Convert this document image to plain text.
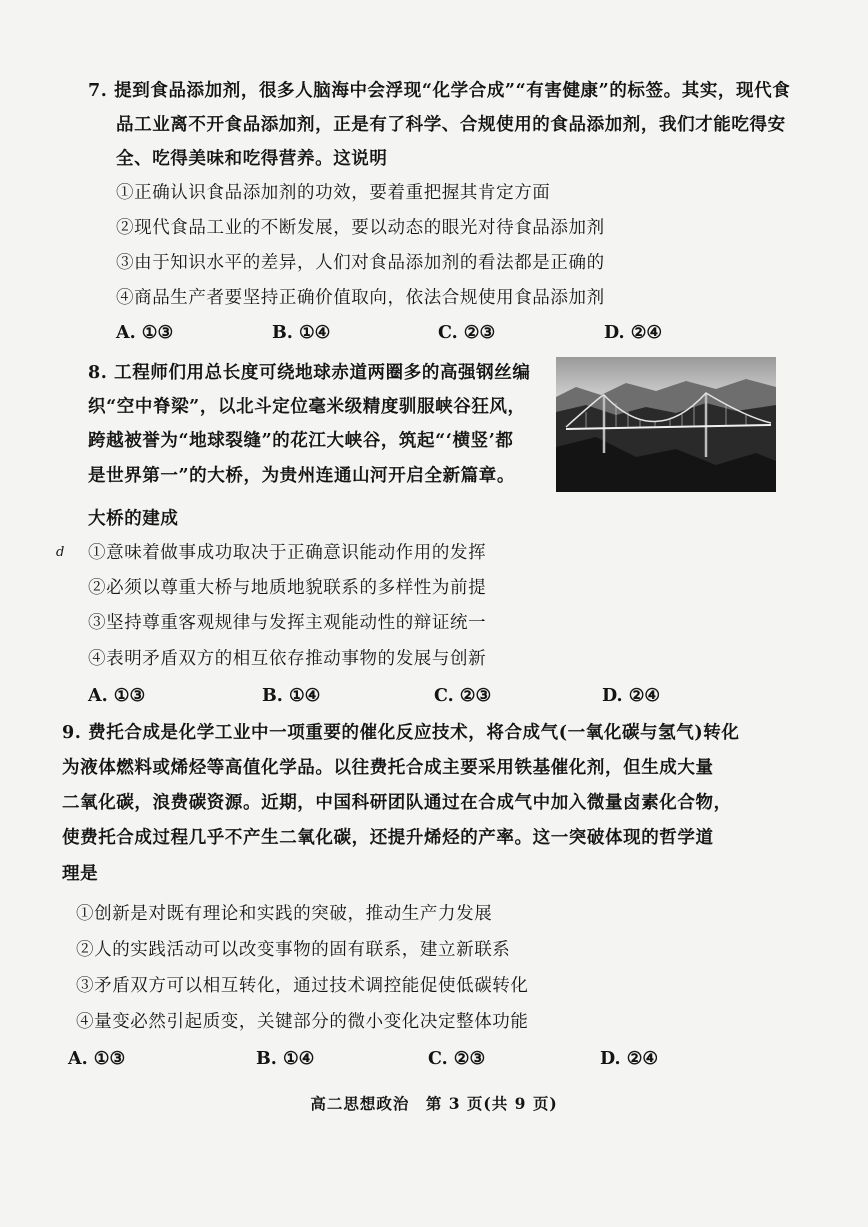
7. 提到食品添加剂，很多人脑海中会浮现“化学合成”“有害健康”的标签。其实，现代食
品工业离不开食品添加剂，正是有了科学、合规使用的食品添加剂，我们才能吃得安
全、吃得美味和吃得营养。这说明
①正确认识食品添加剂的功效，要着重把握其肯定方面
②现代食品工业的不断发展，要以动态的眼光对待食品添加剂
③由于知识水平的差异，人们对食品添加剂的看法都是正确的
④商品生产者要坚持正确价值取向，依法合规使用食品添加剂
A. ①③	B. ①④	C. ②③	D. ②④
8. 工程师们用总长度可绕地球赤道两圈多的高强钢丝编
织“空中脊梁”，以北斗定位毫米级精度驯服峡谷狂风，
跨越被誉为“地球裂缝”的花江大峡谷，筑起“‘横竖’都
是世界第一”的大桥，为贵州连通山河开启全新篇章。
大桥的建成
d ①意味着做事成功取决于正确意识能动作用的发挥
②必须以尊重大桥与地质地貌联系的多样性为前提
③坚持尊重客观规律与发挥主观能动性的辩证统一
④表明矛盾双方的相互依存推动事物的发展与创新
A. ①③	B. ①④	C. ②③	D. ②④
9. 费托合成是化学工业中一项重要的催化反应技术，将合成气(一氧化碳与氢气)转化
为液体燃料或烯烃等高值化学品。以往费托合成主要采用铁基催化剂，但生成大量
二氧化碳，浪费碳资源。近期，中国科研团队通过在合成气中加入微量卤素化合物，
使费托合成过程几乎不产生二氧化碳，还提升烯烃的产率。这一突破体现的哲学道
理是
①创新是对既有理论和实践的突破，推动生产力发展
②人的实践活动可以改变事物的固有联系，建立新联系
③矛盾双方可以相互转化，通过技术调控能促使低碳转化
④量变必然引起质变，关键部分的微小变化决定整体功能
A. ①③	B. ①④	C. ②③	D. ②④
高二思想政治　第 3 页(共 9 页)
